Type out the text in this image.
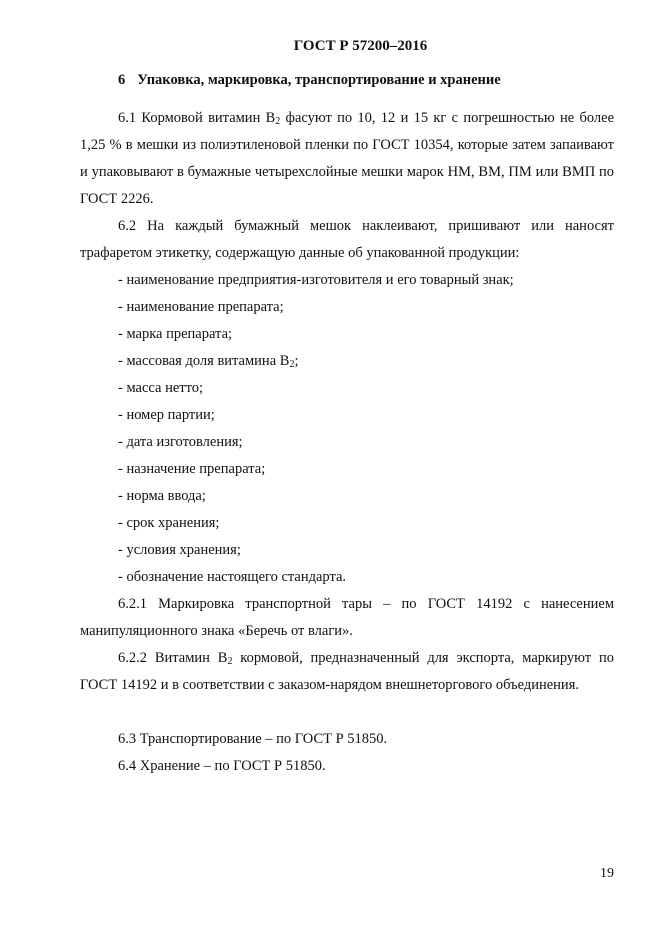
ГОСТ Р 57200–2016
6 Упаковка, маркировка, транспортирование и хранение
6.1 Кормовой витамин $В_2$ фасуют по 10, 12 и 15 кг с погрешностью не более 1,25 % в мешки из полиэтиленовой пленки по ГОСТ 10354, которые затем запаивают и упаковывают в бумажные четырехслойные мешки марок НМ, ВМ, ПМ или ВМП по ГОСТ 2226.
6.2 На каждый бумажный мешок наклеивают, пришивают или наносят трафаретом этикетку, содержащую данные об упакованной продукции:
- наименование предприятия-изготовителя и его товарный знак;
- наименование препарата;
- марка препарата;
- массовая доля витамина $В_2$;
- масса нетто;
- номер партии;
- дата изготовления;
- назначение препарата;
- норма ввода;
- срок хранения;
- условия хранения;
- обозначение настоящего стандарта.
6.2.1 Маркировка транспортной тары – по ГОСТ 14192 с нанесением манипуляционного знака «Беречь от влаги».
6.2.2 Витамин $В_2$ кормовой, предназначенный для экспорта, маркируют по ГОСТ 14192 и в соответствии с заказом-нарядом внешнеторгового объединения.
6.3 Транспортирование – по ГОСТ Р 51850.
6.4 Хранение – по ГОСТ Р 51850.
19
